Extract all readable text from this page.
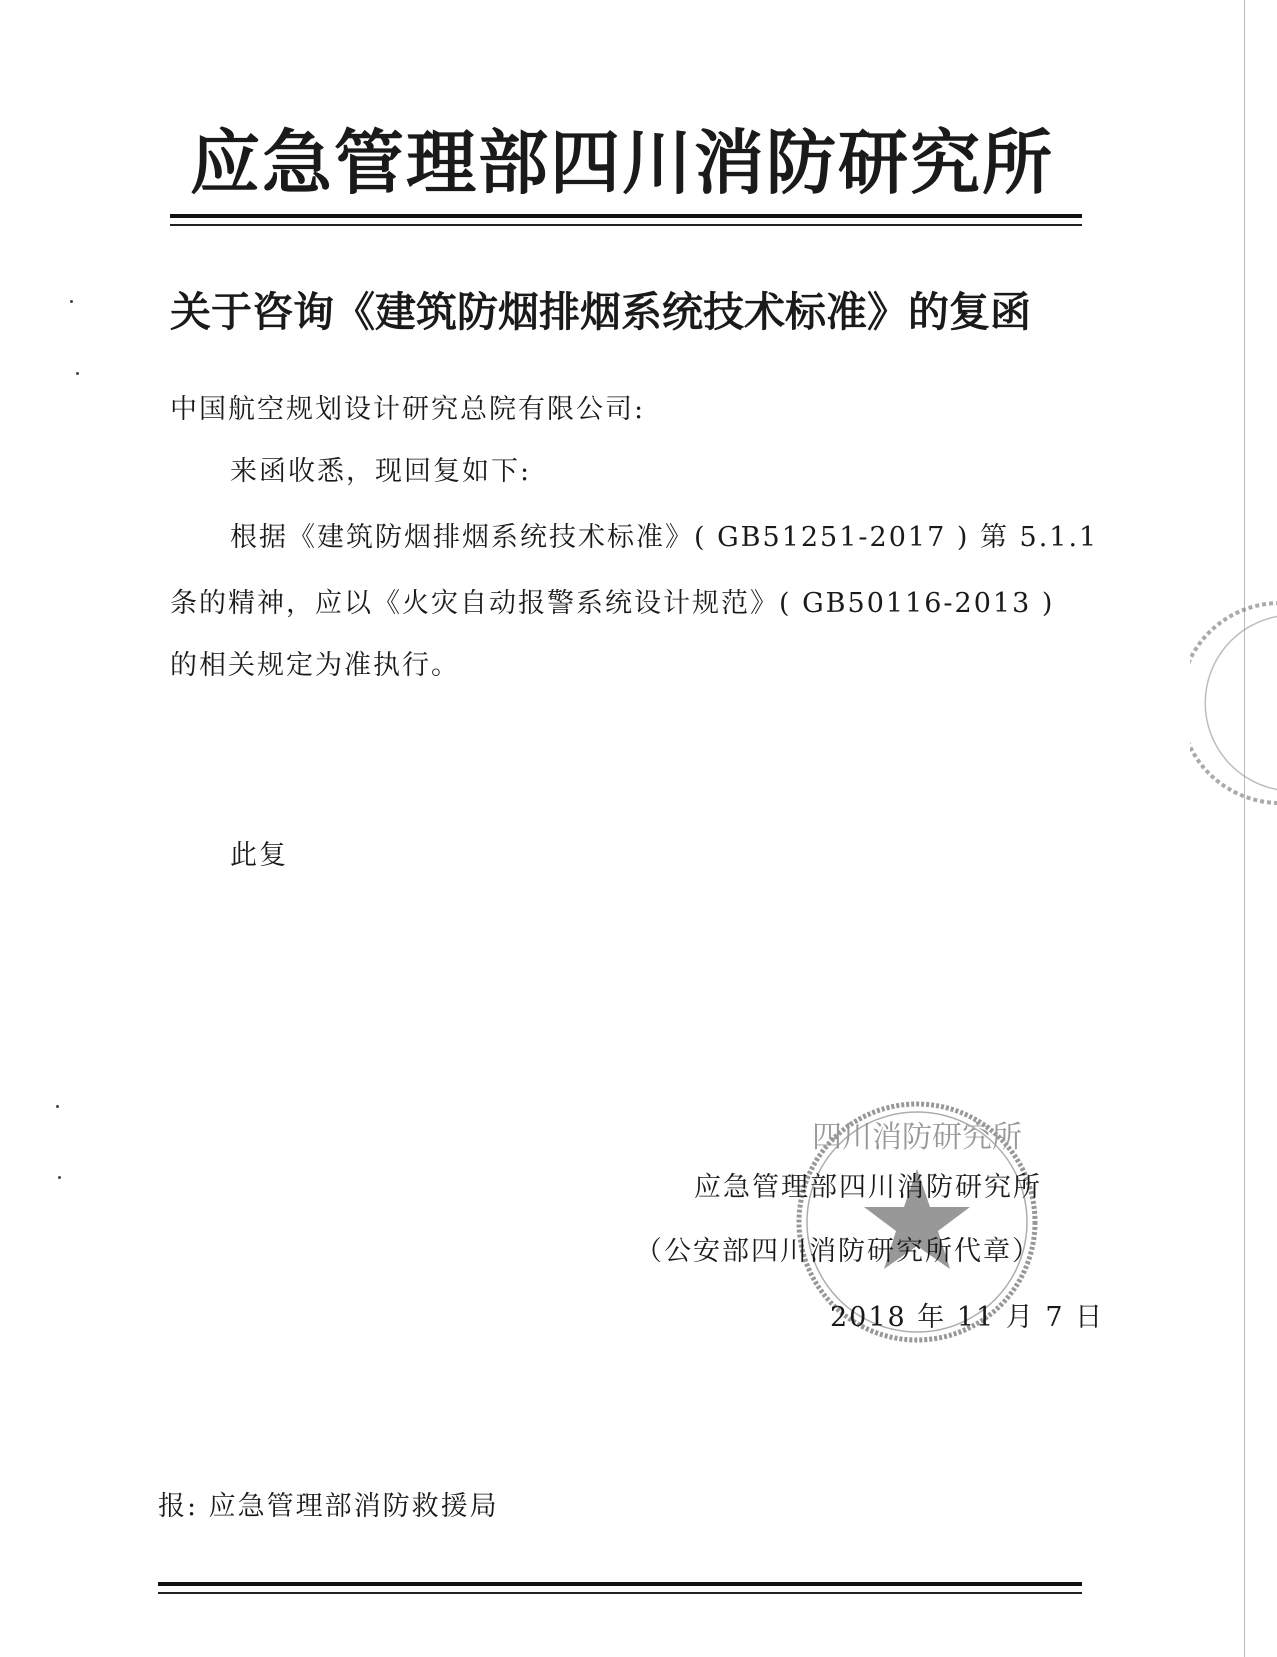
应急管理部四川消防研究所
关于咨询《建筑防烟排烟系统技术标准》的复函
中国航空规划设计研究总院有限公司:
来函收悉，现回复如下:
根据《建筑防烟排烟系统技术标准》( GB51251-2017 ) 第 5.1.1
条的精神，应以《火灾自动报警系统设计规范》( GB50116-2013 )
的相关规定为准执行。
此复
四川消防研究所
应急管理部四川消防研究所
（公安部四川消防研究所代章）
2018 年 11 月 7 日
报: 应急管理部消防救援局
